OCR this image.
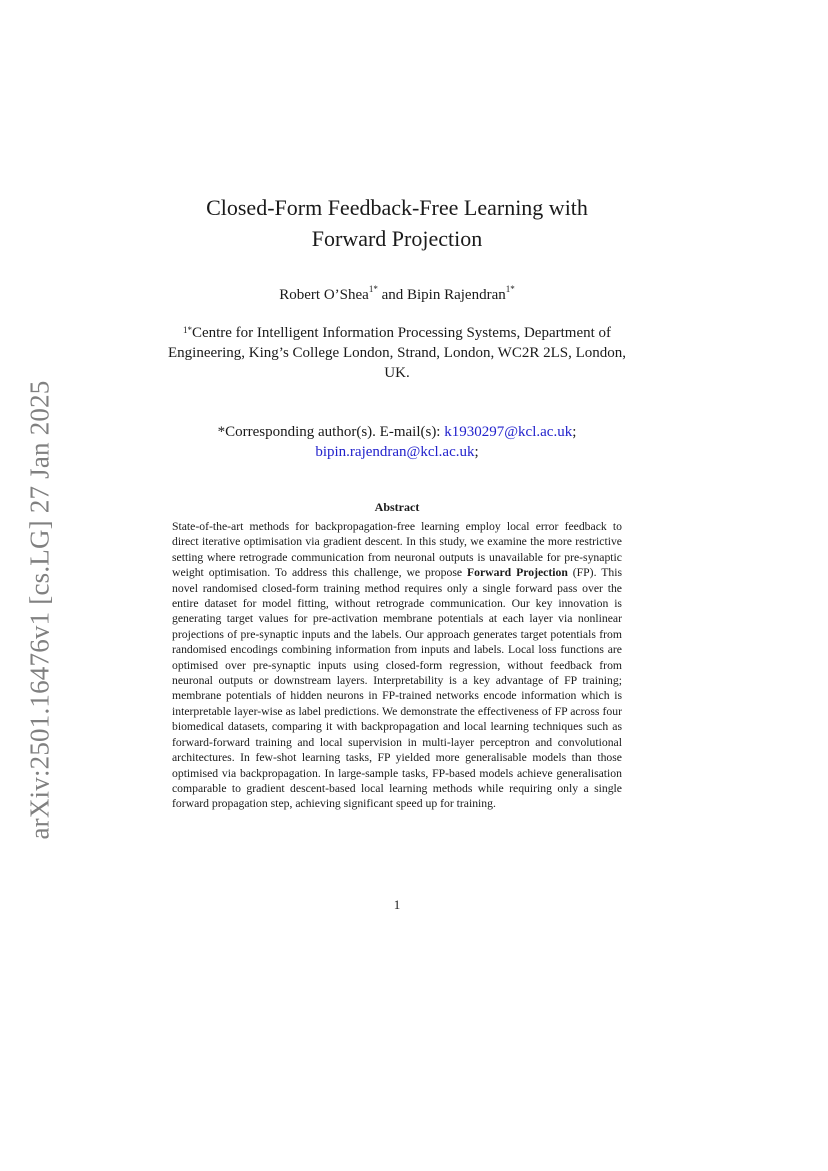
arXiv:2501.16476v1 [cs.LG] 27 Jan 2025
Closed-Form Feedback-Free Learning with
Forward Projection
Robert O’Shea$^{1*}$ and Bipin Rajendran$^{1*}$
$^{1*}$Centre for Intelligent Information Processing Systems, Department of Engineering, King’s College London, Strand, London, WC2R 2LS, London, UK.
*Corresponding author(s). E-mail(s): k1930297@kcl.ac.uk;
bipin.rajendran@kcl.ac.uk;
Abstract

State-of-the-art methods for backpropagation-free learning employ local error feedback to direct iterative optimisation via gradient descent. In this study, we examine the more restrictive setting where retrograde communication from neuronal outputs is unavailable for pre-synaptic weight optimisation. To address this challenge, we propose Forward Projection (FP). This novel randomised closed-form training method requires only a single forward pass over the entire dataset for model fitting, without retrograde communication. Our key innovation is generating target values for pre-activation membrane potentials at each layer via nonlinear projections of pre-synaptic inputs and the labels. Our approach generates target potentials from randomised encodings combining information from inputs and labels. Local loss functions are optimised over pre-synaptic inputs using closed-form regression, without feedback from neuronal outputs or downstream layers. Interpretability is a key advantage of FP training; membrane potentials of hidden neurons in FP-trained networks encode information which is interpretable layer-wise as label predictions. We demonstrate the effectiveness of FP across four biomedical datasets, comparing it with backpropagation and local learning techniques such as forward-forward training and local supervision in multi-layer perceptron and convolutional architectures. In few-shot learning tasks, FP yielded more generalisable models than those optimised via backpropagation. In large-sample tasks, FP-based models achieve generalisation comparable to gradient descent-based local learning methods while requiring only a single forward propagation step, achieving significant speed up for training.

1
